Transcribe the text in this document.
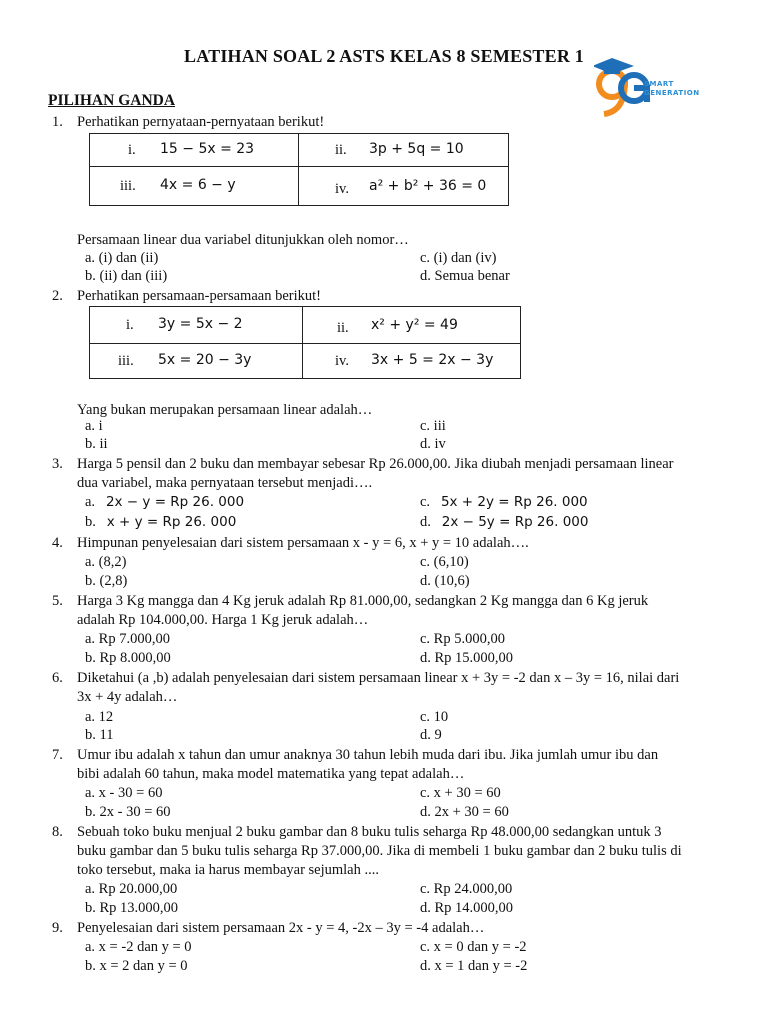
LATIHAN SOAL 2 ASTS KELAS 8 SEMESTER 1
SMART
GENERATION
PILIHAN GANDA
1. Perhatikan pernyataan-pernyataan berikut!
i. 15 − 5x = 23	ii. 3p + 5q = 10

iii. 4x = 6 − y	iv. a² + b² + 36 = 0
Persamaan linear dua variabel ditunjukkan oleh nomor…
a. (i) dan (ii)	c. (i) dan (iv)
b. (ii) dan (iii)	d. Semua benar
2. Perhatikan persamaan-persamaan berikut!
i. 3y = 5x − 2	ii. x² + y² = 49

iii. 5x = 20 − 3y	iv. 3x + 5 = 2x − 3y
Yang bukan merupakan persamaan linear adalah…
a. i	c. iii
b. ii	d. iv
3. Harga 5 pensil dan 2 buku dan membayar sebesar Rp 26.000,00. Jika diubah menjadi persamaan linear
dua variabel, maka pernyataan tersebut menjadi….
a. 2x − y = Rp 26. 000	c. 5x + 2y = Rp 26. 000
b. x + y = Rp 26. 000	d. 2x − 5y = Rp 26. 000
4. Himpunan penyelesaian dari sistem persamaan x - y = 6, x + y = 10 adalah….
a. (8,2)	c. (6,10)
b. (2,8)	d. (10,6)
5. Harga 3 Kg mangga dan 4 Kg jeruk adalah Rp 81.000,00, sedangkan 2 Kg mangga dan 6 Kg jeruk
adalah Rp 104.000,00. Harga 1 Kg jeruk adalah…
a. Rp 7.000,00	c. Rp 5.000,00
b. Rp 8.000,00	d. Rp 15.000,00
6. Diketahui (a ,b) adalah penyelesaian dari sistem persamaan linear x + 3y = -2 dan x – 3y = 16, nilai dari
3x + 4y adalah…
a. 12	c. 10
b. 11	d. 9
7. Umur ibu adalah x tahun dan umur anaknya 30 tahun lebih muda dari ibu. Jika jumlah umur ibu dan
bibi adalah 60 tahun, maka model matematika yang tepat adalah…
a. x - 30 = 60	c. x + 30 = 60
b. 2x - 30 = 60	d. 2x + 30 = 60
8. Sebuah toko buku menjual 2 buku gambar dan 8 buku tulis seharga Rp 48.000,00 sedangkan untuk 3
buku gambar dan 5 buku tulis seharga Rp 37.000,00. Jika di membeli 1 buku gambar dan 2 buku tulis di
toko tersebut, maka ia harus membayar sejumlah ....
a. Rp 20.000,00	c. Rp 24.000,00
b. Rp 13.000,00	d. Rp 14.000,00
9. Penyelesaian dari sistem persamaan 2x - y = 4, -2x – 3y = -4 adalah…
a. x = -2 dan y = 0	c. x = 0 dan y = -2
b. x = 2 dan y = 0	d. x = 1 dan y = -2
